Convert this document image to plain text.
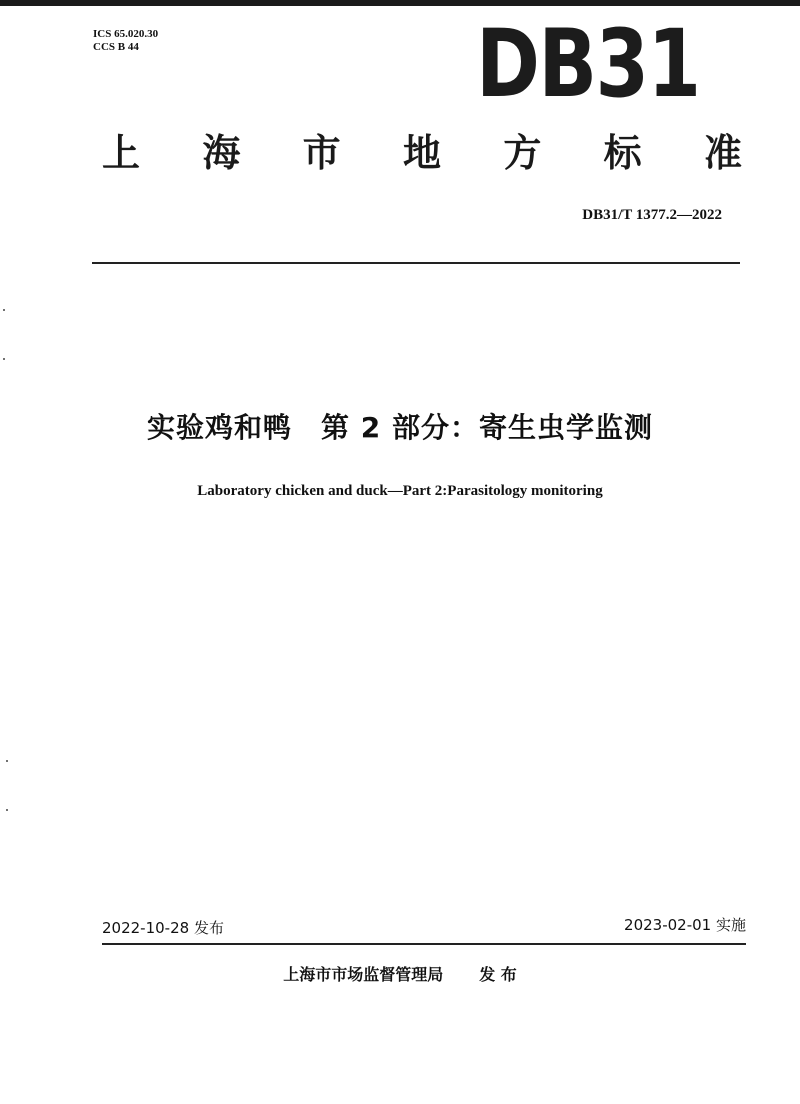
ICS 65.020.30
CCS B 44	DB31
上 海 市 地 方 标 准
DB31/T 1377.2—2022
实验鸡和鸭　第 2 部分：寄生虫学监测
Laboratory chicken and duck—Part 2:Parasitology monitoring
2022-10-28 发布	2023-02-01 实施
上海市市场监督管理局 发 布
